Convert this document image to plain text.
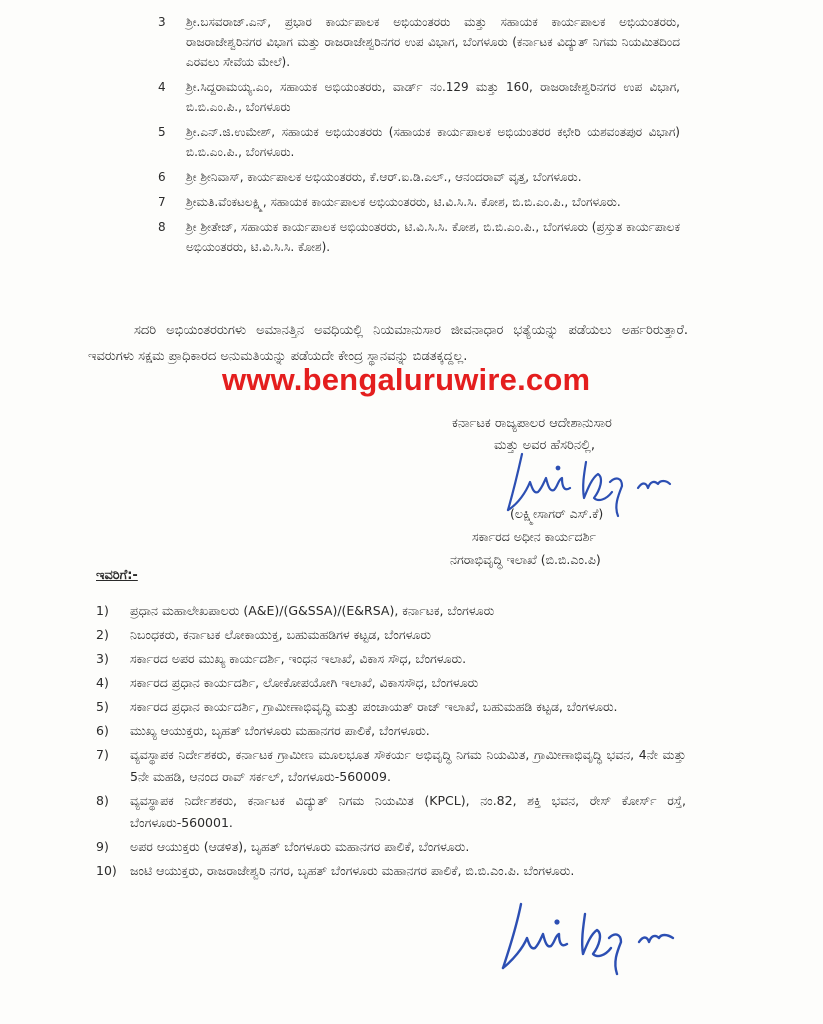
3 ಶ್ರೀ.ಬಸವರಾಜ್.ಎನ್, ಪ್ರಭಾರ ಕಾರ್ಯಪಾಲಕ ಅಭಿಯಂತರರು ಮತ್ತು ಸಹಾಯಕ ಕಾರ್ಯಪಾಲಕ ಅಭಿಯಂತರರು, ರಾಜರಾಜೇಶ್ವರಿನಗರ ವಿಭಾಗ ಮತ್ತು ರಾಜರಾಜೇಶ್ವರಿನಗರ ಉಪ ವಿಭಾಗ, ಬೆಂಗಳೂರು (ಕರ್ನಾಟಕ ವಿದ್ಯುತ್ ನಿಗಮ ನಿಯಮಿತದಿಂದ ಎರವಲು ಸೇವೆಯ ಮೇಲೆ).
4 ಶ್ರೀ.ಸಿದ್ದರಾಮಯ್ಯ.ಎಂ, ಸಹಾಯಕ ಅಭಿಯಂತರರು, ವಾರ್ಡ್ ನಂ.129 ಮತ್ತು 160, ರಾಜರಾಜೇಶ್ವರಿನಗರ ಉಪ ವಿಭಾಗ, ಬಿ.ಬಿ.ಎಂ.ಪಿ., ಬೆಂಗಳೂರು
5 ಶ್ರೀ.ಎನ್.ಜಿ.ಉಮೇಶ್, ಸಹಾಯಕ ಅಭಿಯಂತರರು (ಸಹಾಯಕ ಕಾರ್ಯಪಾಲಕ ಅಭಿಯಂತರರ ಕಛೇರಿ ಯಶವಂತಪುರ ವಿಭಾಗ) ಬಿ.ಬಿ.ಎಂ.ಪಿ., ಬೆಂಗಳೂರು.
6 ಶ್ರೀ ಶ್ರೀನಿವಾಸ್, ಕಾರ್ಯಪಾಲಕ ಅಭಿಯಂತರರು, ಕೆ.ಆರ್.ಐ.ಡಿ.ಎಲ್., ಆನಂದರಾವ್ ವೃತ್ತ, ಬೆಂಗಳೂರು.
7 ಶ್ರೀಮತಿ.ವೆಂಕಟಲಕ್ಷ್ಮಿ, ಸಹಾಯಕ ಕಾರ್ಯಪಾಲಕ ಅಭಿಯಂತರರು, ಟಿ.ವಿ.ಸಿ.ಸಿ. ಕೋಶ, ಬಿ.ಬಿ.ಎಂ.ಪಿ., ಬೆಂಗಳೂರು.
8 ಶ್ರೀ ಶ್ರೀತೇಜ್, ಸಹಾಯಕ ಕಾರ್ಯಪಾಲಕ ಅಭಿಯಂತರರು, ಟಿ.ವಿ.ಸಿ.ಸಿ. ಕೋಶ, ಬಿ.ಬಿ.ಎಂ.ಪಿ., ಬೆಂಗಳೂರು (ಪ್ರಸ್ತುತ ಕಾರ್ಯಪಾಲಕ ಅಭಿಯಂತರರು, ಟಿ.ವಿ.ಸಿ.ಸಿ. ಕೋಶ).
ಸದರಿ ಅಭಿಯಂತರರುಗಳು ಅಮಾನತ್ತಿನ ಅವಧಿಯಲ್ಲಿ ನಿಯಮಾನುಸಾರ ಜೀವನಾಧಾರ ಭತ್ಯೆಯನ್ನು ಪಡೆಯಲು ಅರ್ಹರಿರುತ್ತಾರೆ. ಇವರುಗಳು ಸಕ್ಷಮ ಪ್ರಾಧಿಕಾರದ ಅನುಮತಿಯನ್ನು ಪಡೆಯದೇ ಕೇಂದ್ರ ಸ್ಥಾನವನ್ನು ಬಿಡತಕ್ಕದ್ದಲ್ಲ.
www.bengaluruwire.com
ಕರ್ನಾಟಕ ರಾಜ್ಯಪಾಲರ ಆದೇಶಾನುಸಾರ
ಮತ್ತು ಅವರ ಹೆಸರಿನಲ್ಲಿ,
(ಲಕ್ಷ್ಮೀಸಾಗರ್ ಎಸ್.ಕೆ)
ಸರ್ಕಾರದ ಅಧೀನ ಕಾರ್ಯದರ್ಶಿ
ನಗರಾಭಿವೃದ್ಧಿ ಇಲಾಖೆ (ಬಿ.ಬಿ.ಎಂ.ಪಿ)
ಇವರಿಗೆ:-
1) ಪ್ರಧಾನ ಮಹಾಲೇಖಪಾಲರು (A&E)/(G&SSA)/(E&RSA), ಕರ್ನಾಟಕ, ಬೆಂಗಳೂರು
2) ನಿಬಂಧಕರು, ಕರ್ನಾಟಕ ಲೋಕಾಯುಕ್ತ, ಬಹುಮಹಡಿಗಳ ಕಟ್ಟಡ, ಬೆಂಗಳೂರು
3) ಸರ್ಕಾರದ ಅಪರ ಮುಖ್ಯ ಕಾರ್ಯದರ್ಶಿ, ಇಂಧನ ಇಲಾಖೆ, ವಿಕಾಸ ಸೌಧ, ಬೆಂಗಳೂರು.
4) ಸರ್ಕಾರದ ಪ್ರಧಾನ ಕಾರ್ಯದರ್ಶಿ, ಲೋಕೋಪಯೋಗಿ ಇಲಾಖೆ, ವಿಕಾಸಸೌಧ, ಬೆಂಗಳೂರು
5) ಸರ್ಕಾರದ ಪ್ರಧಾನ ಕಾರ್ಯದರ್ಶಿ, ಗ್ರಾಮೀಣಾಭಿವೃದ್ಧಿ ಮತ್ತು ಪಂಚಾಯತ್ ರಾಜ್ ಇಲಾಖೆ, ಬಹುಮಹಡಿ ಕಟ್ಟಡ, ಬೆಂಗಳೂರು.
6) ಮುಖ್ಯ ಆಯುಕ್ತರು, ಬೃಹತ್ ಬೆಂಗಳೂರು ಮಹಾನಗರ ಪಾಲಿಕೆ, ಬೆಂಗಳೂರು.
7) ವ್ಯವಸ್ಥಾಪಕ ನಿರ್ದೇಶಕರು, ಕರ್ನಾಟಕ ಗ್ರಾಮೀಣ ಮೂಲಭೂತ ಸೌಕರ್ಯ ಅಭಿವೃದ್ಧಿ ನಿಗಮ ನಿಯಮಿತ, ಗ್ರಾಮೀಣಾಭಿವೃದ್ಧಿ ಭವನ, 4ನೇ ಮತ್ತು 5ನೇ ಮಹಡಿ, ಆನಂದ ರಾವ್ ಸರ್ಕಲ್, ಬೆಂಗಳೂರು-560009.
8) ವ್ಯವಸ್ಥಾಪಕ ನಿರ್ದೇಶಕರು, ಕರ್ನಾಟಕ ವಿದ್ಯುತ್ ನಿಗಮ ನಿಯಮಿತ (KPCL), ನಂ.82, ಶಕ್ತಿ ಭವನ, ರೇಸ್ ಕೋರ್ಸ್ ರಸ್ತೆ, ಬೆಂಗಳೂರು-560001.
9) ಅಪರ ಆಯುಕ್ತರು (ಆಡಳಿತ), ಬೃಹತ್ ಬೆಂಗಳೂರು ಮಹಾನಗರ ಪಾಲಿಕೆ, ಬೆಂಗಳೂರು.
10) ಜಂಟಿ ಆಯುಕ್ತರು, ರಾಜರಾಜೇಶ್ವರಿ ನಗರ, ಬೃಹತ್ ಬೆಂಗಳೂರು ಮಹಾನಗರ ಪಾಲಿಕೆ, ಬಿ.ಬಿ.ಎಂ.ಪಿ. ಬೆಂಗಳೂರು.
